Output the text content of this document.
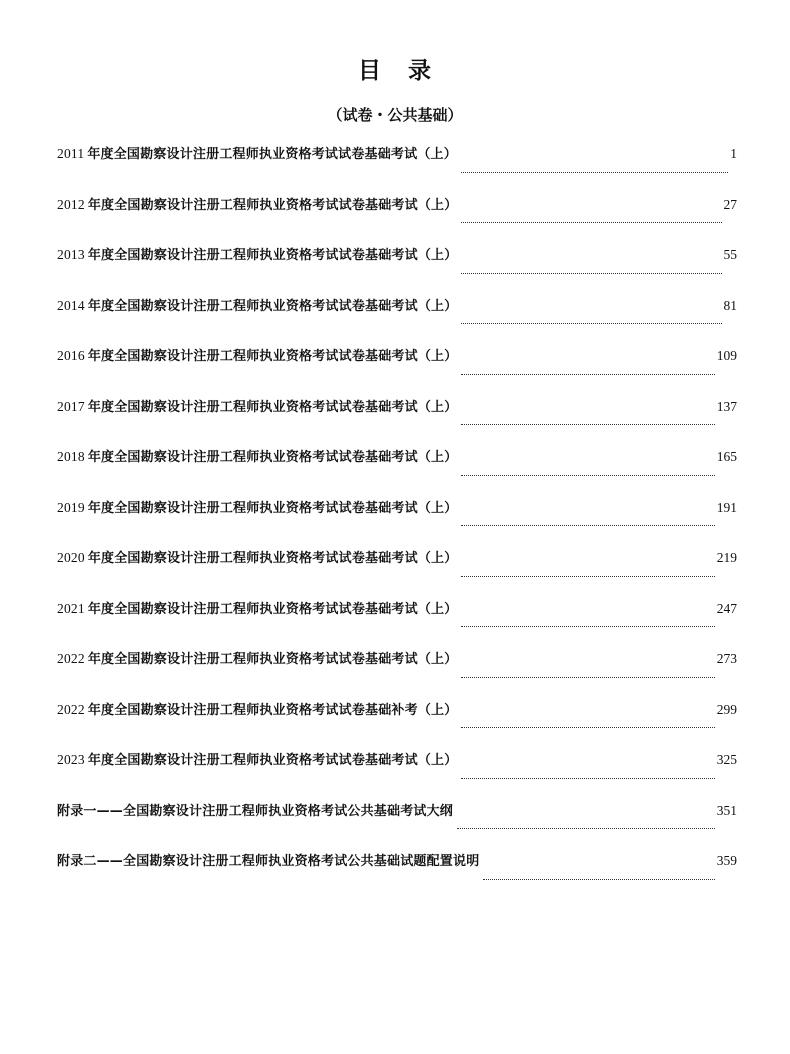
目 录
（试卷・公共基础）
2011 年度全国勘察设计注册工程师执业资格考试试卷基础考试（上）	1
2012 年度全国勘察设计注册工程师执业资格考试试卷基础考试（上）	27
2013 年度全国勘察设计注册工程师执业资格考试试卷基础考试（上）	55
2014 年度全国勘察设计注册工程师执业资格考试试卷基础考试（上）	81
2016 年度全国勘察设计注册工程师执业资格考试试卷基础考试（上）	109
2017 年度全国勘察设计注册工程师执业资格考试试卷基础考试（上）	137
2018 年度全国勘察设计注册工程师执业资格考试试卷基础考试（上）	165
2019 年度全国勘察设计注册工程师执业资格考试试卷基础考试（上）	191
2020 年度全国勘察设计注册工程师执业资格考试试卷基础考试（上）	219
2021 年度全国勘察设计注册工程师执业资格考试试卷基础考试（上）	247
2022 年度全国勘察设计注册工程师执业资格考试试卷基础考试（上）	273
2022 年度全国勘察设计注册工程师执业资格考试试卷基础补考（上）	299
2023 年度全国勘察设计注册工程师执业资格考试试卷基础考试（上）	325
附录一——全国勘察设计注册工程师执业资格考试公共基础考试大纲	351
附录二——全国勘察设计注册工程师执业资格考试公共基础试题配置说明	359
